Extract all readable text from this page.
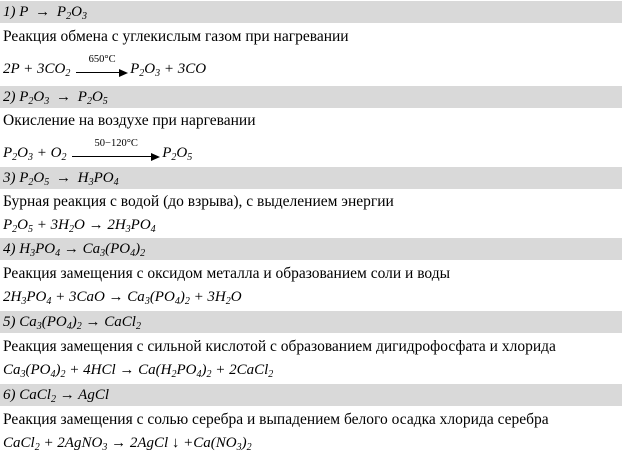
1) $P \to P_2O_3$
Реакция обмена с углекислым газом при нагревании
$2P + 3CO_2$
650°C
$P_2O_3 + 3CO$
2) $P_2O_3 \to P_2O_5$
Окисление на воздухе при наргевании
$P_2O_3 + O_2$
50−120°C
$P_2O_5$
3) $P_2O_5 \to H_3PO_4$
Бурная реакция с водой (до взрыва), с выделением энергии
$P_2O_5 + 3H_2O \to 2H_3PO_4$
4) $H_3PO_4 \to Ca_3(PO_4)_2$
Реакция замещения с оксидом металла и образованием соли и воды
$2H_3PO_4 + 3CaO \to Ca_3(PO_4)_2 + 3H_2O$
5) $Ca_3(PO_4)_2$ → CaCl$_2$
Реакция замещения с сильной кислотой с образованием дигидрофосфата и хлорида
$Ca_3(PO_4)_2 + 4HCl \to Ca(H_2PO_4)_2$ + 2CaCl$_2$
6) CaCl$_2$ → AgCl
Реакция замещения с солью серебра и выпадением белого осадка хлорида серебра
CaCl$_2$ + 2AgNO$_3$ → 2AgCl ↓ $+Ca(NO_3)_2$
